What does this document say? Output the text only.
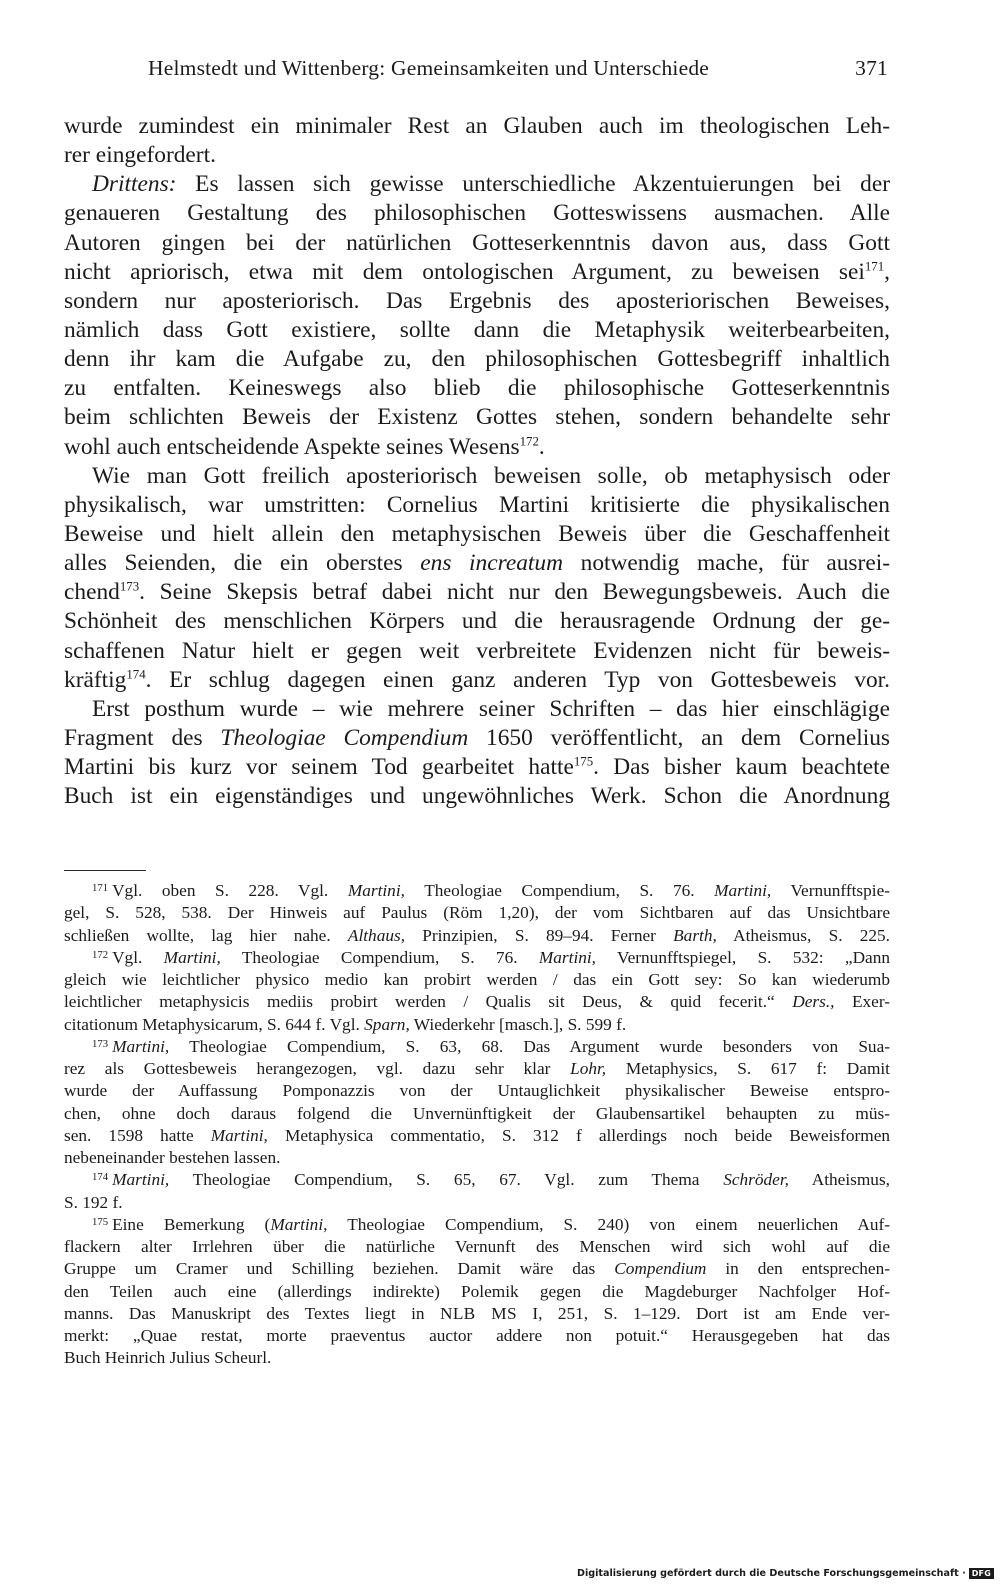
Helmstedt und Wittenberg: Gemeinsamkeiten und Unterschiede	371
wurde zumindest ein minimaler Rest an Glauben auch im theologischen Leh-
rer eingefordert.
Drittens: Es lassen sich gewisse unterschiedliche Akzentuierungen bei der
genaueren Gestaltung des philosophischen Gotteswissens ausmachen. Alle
Autoren gingen bei der natürlichen Gotteserkenntnis davon aus, dass Gott
nicht apriorisch, etwa mit dem ontologischen Argument, zu beweisen sei$^{171}$,
sondern nur aposteriorisch. Das Ergebnis des aposteriorischen Beweises,
nämlich dass Gott existiere, sollte dann die Metaphysik weiterbearbeiten,
denn ihr kam die Aufgabe zu, den philosophischen Gottesbegriff inhaltlich
zu entfalten. Keineswegs also blieb die philosophische Gotteserkenntnis
beim schlichten Beweis der Existenz Gottes stehen, sondern behandelte sehr
wohl auch entscheidende Aspekte seines Wesens$^{172}$.
Wie man Gott freilich aposteriorisch beweisen solle, ob metaphysisch oder
physikalisch, war umstritten: Cornelius Martini kritisierte die physikalischen
Beweise und hielt allein den metaphysischen Beweis über die Geschaffenheit
alles Seienden, die ein oberstes ens increatum notwendig mache, für ausrei-
chend$^{173}$. Seine Skepsis betraf dabei nicht nur den Bewegungsbeweis. Auch die
Schönheit des menschlichen Körpers und die herausragende Ordnung der ge-
schaffenen Natur hielt er gegen weit verbreitete Evidenzen nicht für beweis-
kräftig$^{174}$. Er schlug dagegen einen ganz anderen Typ von Gottesbeweis vor.
Erst posthum wurde – wie mehrere seiner Schriften – das hier einschlägige
Fragment des Theologiae Compendium 1650 veröffentlicht, an dem Cornelius
Martini bis kurz vor seinem Tod gearbeitet hatte$^{175}$. Das bisher kaum beachtete
Buch ist ein eigenständiges und ungewöhnliches Werk. Schon die Anordnung
$^{171}$ Vgl. oben S. 228. Vgl. Martini, Theologiae Compendium, S. 76. Martini, Vernunfftspie-
gel, S. 528, 538. Der Hinweis auf Paulus (Röm 1,20), der vom Sichtbaren auf das Unsichtbare
schließen wollte, lag hier nahe. Althaus, Prinzipien, S. 89–94. Ferner Barth, Atheismus, S. 225.
$^{172}$ Vgl. Martini, Theologiae Compendium, S. 76. Martini, Vernunfftspiegel, S. 532: „Dann
gleich wie leichtlicher physico medio kan probirt werden / das ein Gott sey: So kan wiederumb
leichtlicher metaphysicis mediis probirt werden / Qualis sit Deus, & quid fecerit.“ Ders., Exer-
citationum Metaphysicarum, S. 644 f. Vgl. Sparn, Wiederkehr [masch.], S. 599 f.
$^{173}$ Martini, Theologiae Compendium, S. 63, 68. Das Argument wurde besonders von Sua-
rez als Gottesbeweis herangezogen, vgl. dazu sehr klar Lohr, Metaphysics, S. 617 f: Damit
wurde der Auffassung Pomponazzis von der Untauglichkeit physikalischer Beweise entspro-
chen, ohne doch daraus folgend die Unvernünftigkeit der Glaubensartikel behaupten zu müs-
sen. 1598 hatte Martini, Metaphysica commentatio, S. 312 f allerdings noch beide Beweisformen
nebeneinander bestehen lassen.
$^{174}$ Martini, Theologiae Compendium, S. 65, 67. Vgl. zum Thema Schröder, Atheismus,
S. 192 f.
$^{175}$ Eine Bemerkung (Martini, Theologiae Compendium, S. 240) von einem neuerlichen Auf-
flackern alter Irrlehren über die natürliche Vernunft des Menschen wird sich wohl auf die
Gruppe um Cramer und Schilling beziehen. Damit wäre das Compendium in den entsprechen-
den Teilen auch eine (allerdings indirekte) Polemik gegen die Magdeburger Nachfolger Hof-
manns. Das Manuskript des Textes liegt in NLB MS I, 251, S. 1–129. Dort ist am Ende ver-
merkt: „Quae restat, morte praeventus auctor addere non potuit.“ Herausgegeben hat das
Buch Heinrich Julius Scheurl.
Digitalisierung gefördert durch die Deutsche Forschungsgemeinschaft · DFG
